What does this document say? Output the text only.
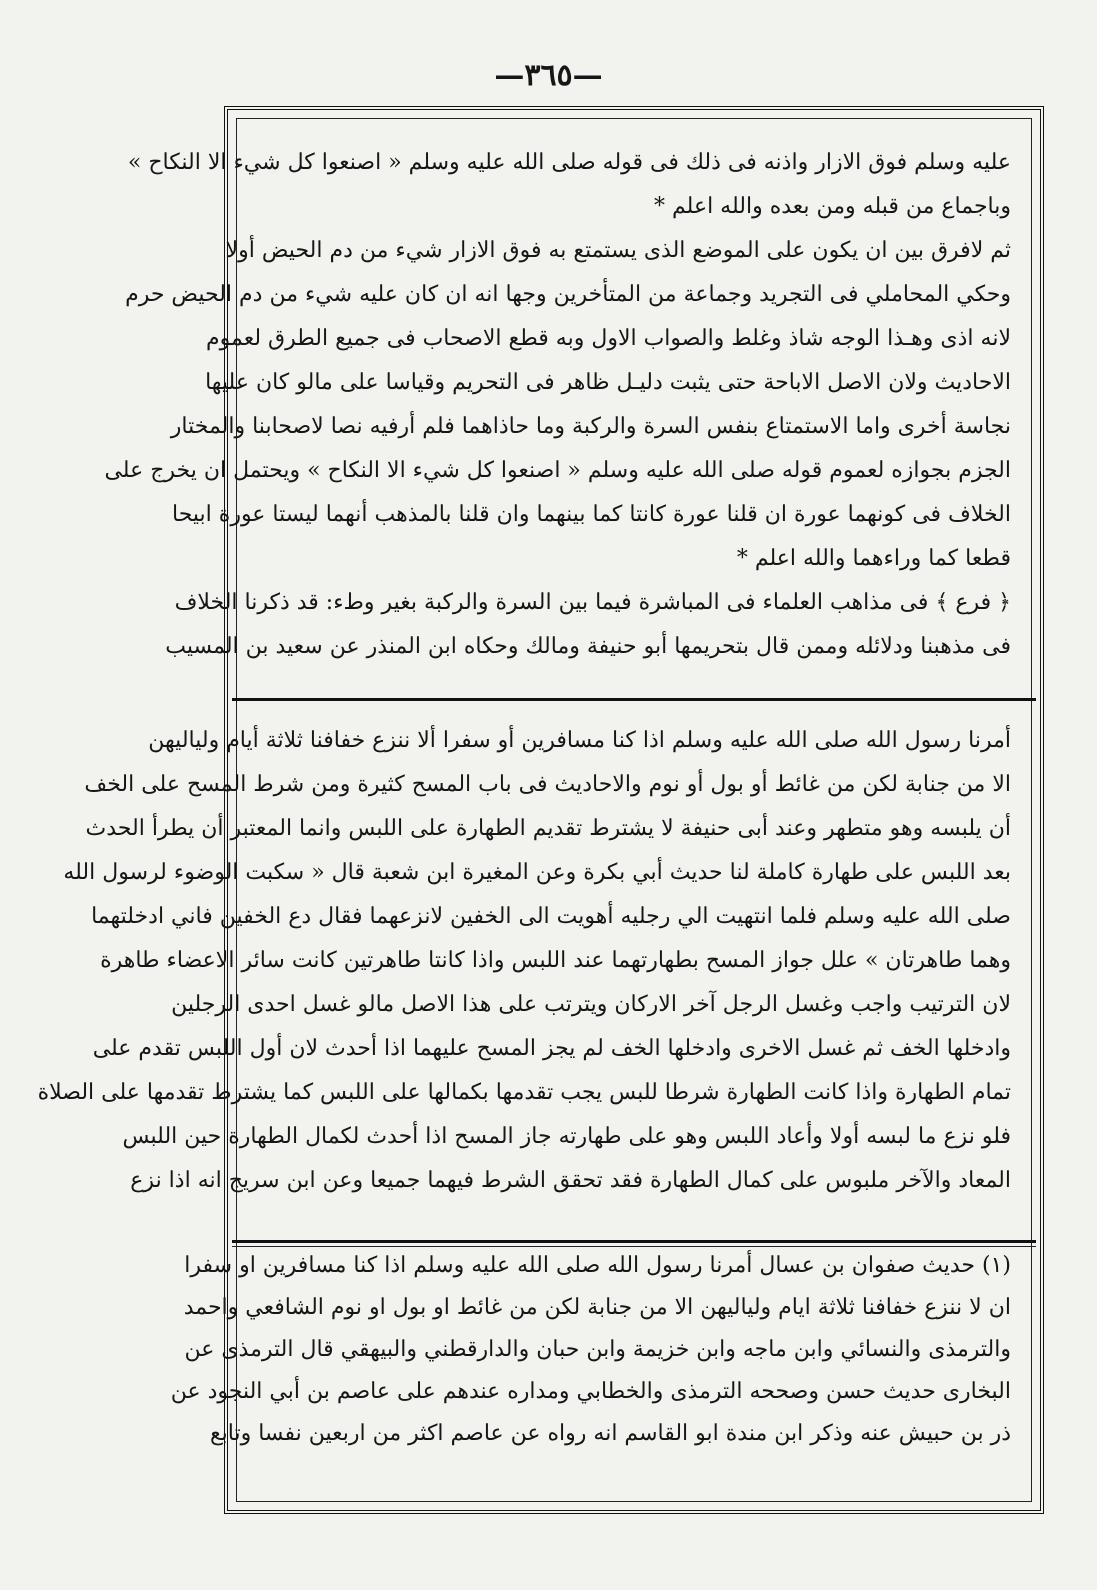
—٣٦٥—
عليه وسلم فوق الازار واذنه فى ذلك فى قوله صلى الله عليه وسلم « اصنعوا كل شيء الا النكاح »
وباجماع من قبله ومن بعده والله اعلم *
ثم لافرق بين ان يكون على الموضع الذى يستمتع به فوق الازار شيء من دم الحيض أولا
وحكي المحاملي فى التجريد وجماعة من المتأخرين وجها انه ان كان عليه شيء من دم الحيض حرم
لانه اذى وهـذا الوجه شاذ وغلط والصواب الاول وبه قطع الاصحاب فى جميع الطرق لعموم
الاحاديث ولان الاصل الاباحة حتى يثبت دليـل ظاهر فى التحريم وقياسا على مالو كان عليها
نجاسة أخرى واما الاستمتاع بنفس السرة والركبة وما حاذاهما فلم أرفيه نصا لاصحابنا والمختار
الجزم بجوازه لعموم قوله صلى الله عليه وسلم « اصنعوا كل شيء الا النكاح » ويحتمل ان يخرج على
الخلاف فى كونهما عورة ان قلنا عورة كانتا كما بينهما وان قلنا بالمذهب أنهما ليستا عورة ابيحا
قطعا كما وراءهما والله اعلم *
﴿ فرع ﴾ فى مذاهب العلماء فى المباشرة فيما بين السرة والركبة بغير وطء: قد ذكرنا الخلاف
فى مذهبنا ودلائله وممن قال بتحريمها أبو حنيفة ومالك وحكاه ابن المنذر عن سعيد بن المسيب
أمرنا رسول الله صلى الله عليه وسلم اذا كنا مسافرين أو سفرا ألا ننزع خفافنا ثلاثة أيام ولياليهن
الا من جنابة لكن من غائط أو بول أو نوم والاحاديث فى باب المسح كثيرة ومن شرط المسح على الخف
أن يلبسه وهو متطهر وعند أبى حنيفة لا يشترط تقديم الطهارة على اللبس وانما المعتبر أن يطرأ الحدث
بعد اللبس على طهارة كاملة لنا حديث أبي بكرة وعن المغيرة ابن شعبة قال « سكبت الوضوء لرسول الله
صلى الله عليه وسلم فلما انتهيت الي رجليه أهويت الى الخفين لانزعهما فقال دع الخفين فاني ادخلتهما
وهما طاهرتان » علل جواز المسح بطهارتهما عند اللبس واذا كانتا طاهرتين كانت سائر الاعضاء طاهرة
لان الترتيب واجب وغسل الرجل آخر الاركان ويترتب على هذا الاصل مالو غسل احدى الرجلين
وادخلها الخف ثم غسل الاخرى وادخلها الخف لم يجز المسح عليهما اذا أحدث لان أول اللبس تقدم على
تمام الطهارة واذا كانت الطهارة شرطا للبس يجب تقدمها بكمالها على اللبس كما يشترط تقدمها على الصلاة
فلو نزع ما لبسه أولا وأعاد اللبس وهو على طهارته جاز المسح اذا أحدث لكمال الطهارة حين اللبس
المعاد والآخر ملبوس على كمال الطهارة فقد تحقق الشرط فيهما جميعا وعن ابن سريج انه اذا نزع
(١) حديث صفوان بن عسال أمرنا رسول الله صلى الله عليه وسلم اذا كنا مسافرين او سفرا
ان لا ننزع خفافنا ثلاثة ايام ولياليهن الا من جنابة لكن من غائط او بول او نوم الشافعي واحمد
والترمذى والنسائي وابن ماجه وابن خزيمة وابن حبان والدارقطني والبيهقي قال الترمذى عن
البخارى حديث حسن وصححه الترمذى والخطابي ومداره عندهم على عاصم بن أبي النجود عن
ذر بن حبيش عنه وذكر ابن مندة ابو القاسم انه رواه عن عاصم اكثر من اربعين نفسا وتابع
